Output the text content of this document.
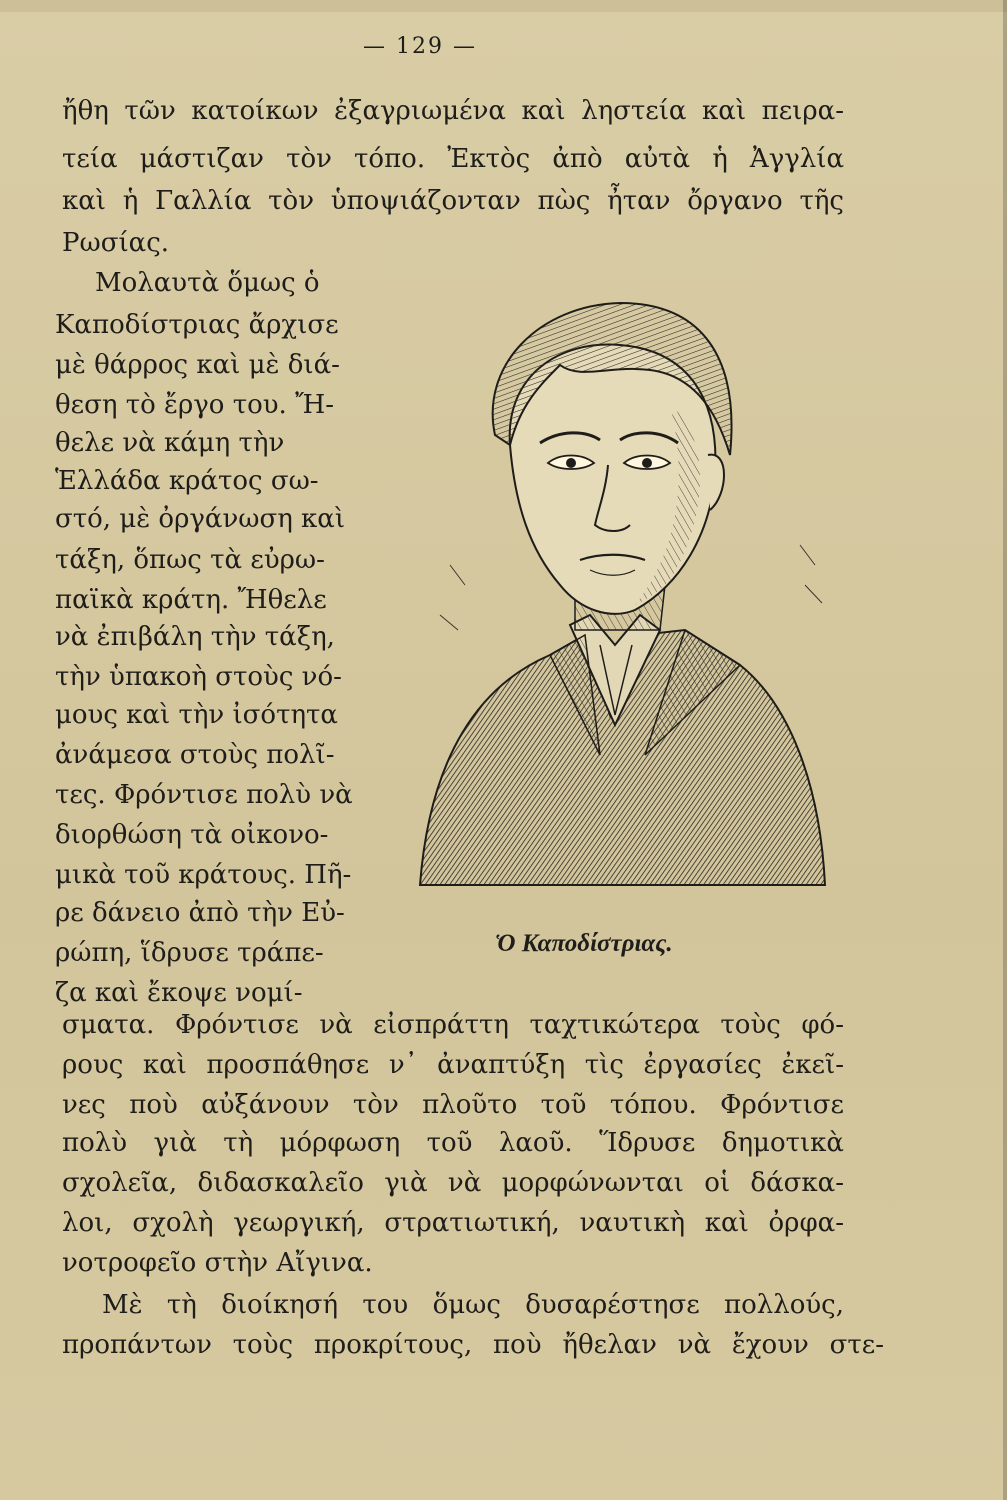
— 129 —
ἤθη τῶν κατοίκων ἐξαγριωμένα καὶ ληστεία καὶ πειρα-
τεία μάστιζαν τὸν τόπο. Ἐκτὸς ἀπὸ αὐτὰ ἡ Ἀγγλία
καὶ ἡ Γαλλία τὸν ὑποψιάζονταν πὼς ἦταν ὄργανο τῆς
Ρωσίας.
Μολαυτὰ ὅμως ὁ
Καποδίστριας ἄρχισε
μὲ θάρρος καὶ μὲ διά-
θεση τὸ ἔργο του. Ἤ-
θελε νὰ κάμη τὴν
Ἑλλάδα κράτος σω-
στό, μὲ ὀργάνωση καὶ
τάξη, ὅπως τὰ εὐρω-
παϊκὰ κράτη. Ἤθελε
νὰ ἐπιβάλη τὴν τάξη,
τὴν ὑπακοὴ στοὺς νό-
μους καὶ τὴν ἰσότητα
ἀνάμεσα στοὺς πολῖ-
τες. Φρόντισε πολὺ νὰ
διορθώση τὰ οἰκονο-
μικὰ τοῦ κράτους. Πῆ-
ρε δάνειο ἀπὸ τὴν Εὐ-
ρώπη, ἵδρυσε τράπε-
ζα καὶ ἔκοψε νομί-
Ὁ Καποδίστριας.
σματα. Φρόντισε νὰ εἰσπράττη ταχτικώτερα τοὺς φό-
ρους καὶ προσπάθησε ν᾿ ἀναπτύξη τὶς ἐργασίες ἐκεῖ-
νες ποὺ αὐξάνουν τὸν πλοῦτο τοῦ τόπου. Φρόντισε
πολὺ γιὰ τὴ μόρφωση τοῦ λαοῦ. Ἵδρυσε δημοτικὰ
σχολεῖα, διδασκαλεῖο γιὰ νὰ μορφώνωνται οἱ δάσκα-
λοι, σχολὴ γεωργική, στρατιωτική, ναυτικὴ καὶ ὀρφα-
νοτροφεῖο στὴν Αἴγινα.
Μὲ τὴ διοίκησή του ὅμως δυσαρέστησε πολλούς,
προπάντων τοὺς προκρίτους, ποὺ ἤθελαν νὰ ἔχουν στε-
